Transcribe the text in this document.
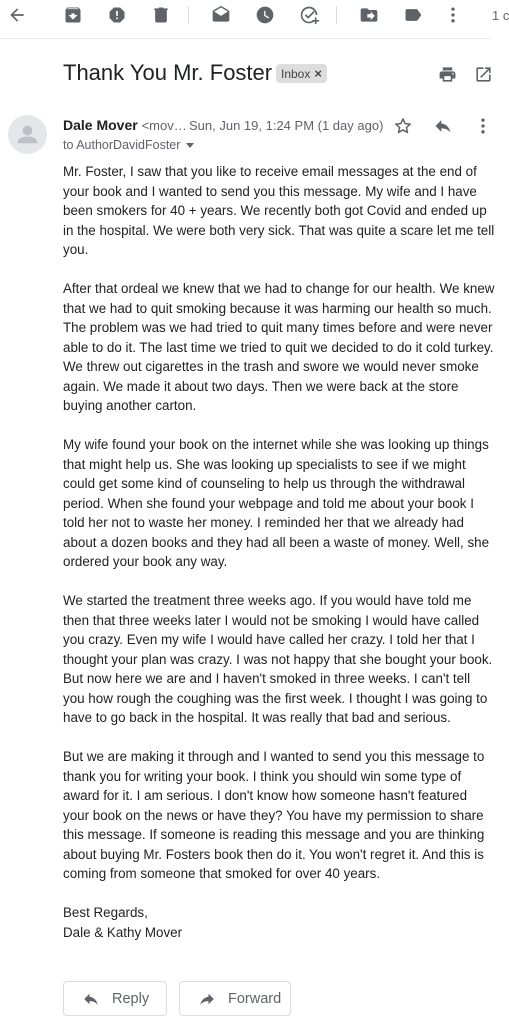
1 c
Thank You Mr. Foster Inbox ×
Dale Mover <mov… Sun, Jun 19, 1:24 PM (1 day ago)
to AuthorDavidFoster

Mr. Foster, I saw that you like to receive email messages at the end of your book and I wanted to send you this message. My wife and I have been smokers for 40 + years. We recently both got Covid and ended up in the hospital. We were both very sick. That was quite a scare let me tell you.

After that ordeal we knew that we had to change for our health. We knew that we had to quit smoking because it was harming our health so much. The problem was we had tried to quit many times before and were never able to do it. The last time we tried to quit we decided to do it cold turkey. We threw out cigarettes in the trash and swore we would never smoke again. We made it about two days. Then we were back at the store buying another carton.

My wife found your book on the internet while she was looking up things that might help us. She was looking up specialists to see if we might could get some kind of counseling to help us through the withdrawal period. When she found your webpage and told me about your book I told her not to waste her money. I reminded her that we already had about a dozen books and they had all been a waste of money. Well, she ordered your book any way.

We started the treatment three weeks ago. If you would have told me then that three weeks later I would not be smoking I would have called you crazy. Even my wife I would have called her crazy. I told her that I thought your plan was crazy. I was not happy that she bought your book. But now here we are and I haven't smoked in three weeks. I can't tell you how rough the coughing was the first week. I thought I was going to have to go back in the hospital. It was really that bad and serious.

But we are making it through and I wanted to send you this message to thank you for writing your book. I think you should win some type of award for it. I am serious. I don't know how someone hasn't featured your book on the news or have they? You have my permission to share this message. If someone is reading this message and you are thinking about buying Mr. Fosters book then do it. You won't regret it. And this is coming from someone that smoked for over 40 years.

Best Regards,
Dale & Kathy Mover
Reply	Forward
